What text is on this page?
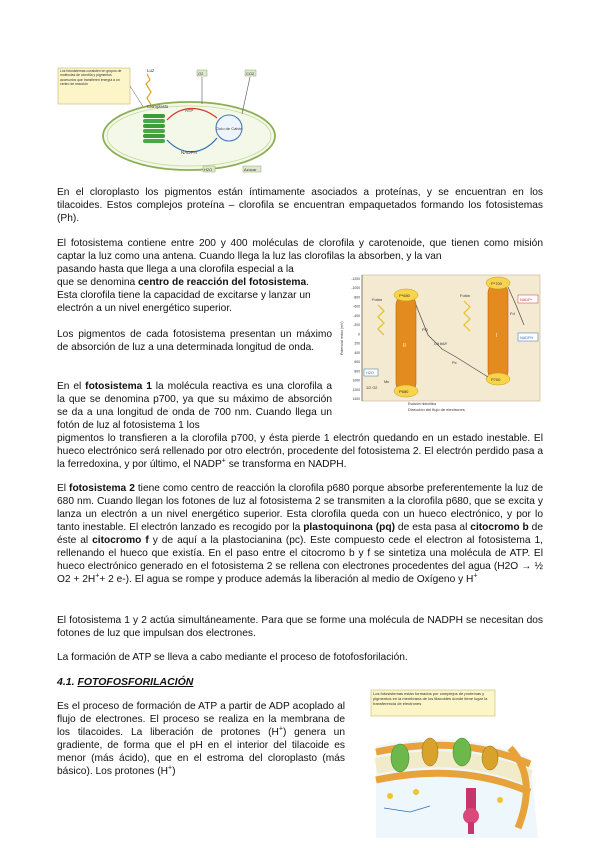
Los fotosistemas consisten en grupos de moléculas de clorofila y pigmentos accesorios que transfieren energía a un centro de reacción
Ciclo de Calvin
ATP
NADPH
Cloroplasto
Luz
O2	CO2
H2O	Azúcar

En el cloroplasto los pigmentos están íntimamente asociados a proteínas, y se encuentran en los tilacoides. Estos complejos proteína – clorofila se encuentran empaquetados formando los fotosistemas (Ph).

El fotosistema contiene entre 200 y 400 moléculas de clorofila y carotenoide, que tienen como misión captar la luz como una antena. Cuando llega la luz las clorofilas la absorben, y la van

pasando hasta que llega a una clorofila especial a la
que se denomina centro de reacción del fotosistema.
Esta clorofila tiene la capacidad de excitarse y lanzar un
electrón a un nivel energético superior.

-1200
-1000
-800
-600
-400
-200
0
200
400
600
800
1000
1200
1400
Potencial redox (mV)
Dirección del flujo de electrones
P*680
P680
II
P*700
P700
I
Fotón
Fotón
PQ
Cit b6/f
Pc
Fd
NADP+
NADPH
H2O
1/2 O2
Mn
Escisión hidrolítica

Los pigmentos de cada fotosistema presentan un máximo de absorción de luz a una determinada longitud de onda.

En el fotosistema 1 la molécula reactiva es una clorofila a la que se denomina p700, ya que su máximo de absorción se da a una longitud de onda de 700 nm. Cuando llega un fotón de luz al fotosistema 1 los

pigmentos lo transfieren a la clorofila p700, y ésta pierde 1 electrón quedando en un estado inestable. El hueco electrónico será rellenado por otro electrón, procedente del fotosistema 2. El electrón perdido pasa a la ferredoxina, y por último, el NADP+ se transforma en NADPH.

El fotosistema 2 tiene como centro de reacción la clorofila p680 porque absorbe preferentemente la luz de 680 nm. Cuando llegan los fotones de luz al fotosistema 2 se transmiten a la clorofila p680, que se excita y lanza un electrón a un nivel energético superior. Esta clorofila queda con un hueco electrónico, y por lo tanto inestable. El electrón lanzado es recogido por la plastoquinona (pq) de esta pasa al citocromo b de éste al citocromo f y de aquí a la plastocianina (pc). Este compuesto cede el electron al fotosistema 1, rellenando el hueco que existía. En el paso entre el citocromo b y f se sintetiza una molécula de ATP. El hueco electrónico generado en el fotosistema 2 se rellena con electrones procedentes del agua (H2O → ½ O2 + 2H++ 2 e-). El agua se rompe y produce además la liberación al medio de Oxígeno y H+

El fotosistema 1 y 2 actúa simultáneamente. Para que se forme una molécula de NADPH se necesitan dos fotones de luz que impulsan dos electrones.

La formación de ATP se lleva a cabo mediante el proceso de fotofosforilación.

4.1. FOTOFOSFORILACIÓN

Es el proceso de formación de ATP a partir de ADP acoplado al flujo de electrones. El proceso se realiza en la membrana de los tilacoides. La liberación de protones (H+) genera un gradiente, de forma que el pH en el interior del tilacoide es menor (más ácido), que en el estroma del cloroplasto (más básico). Los protones (H+)

Los fotosistemas están formados por complejos de proteínas y pigmentos en la membrana de los tilacoides donde tiene lugar la transferencia de electrones
